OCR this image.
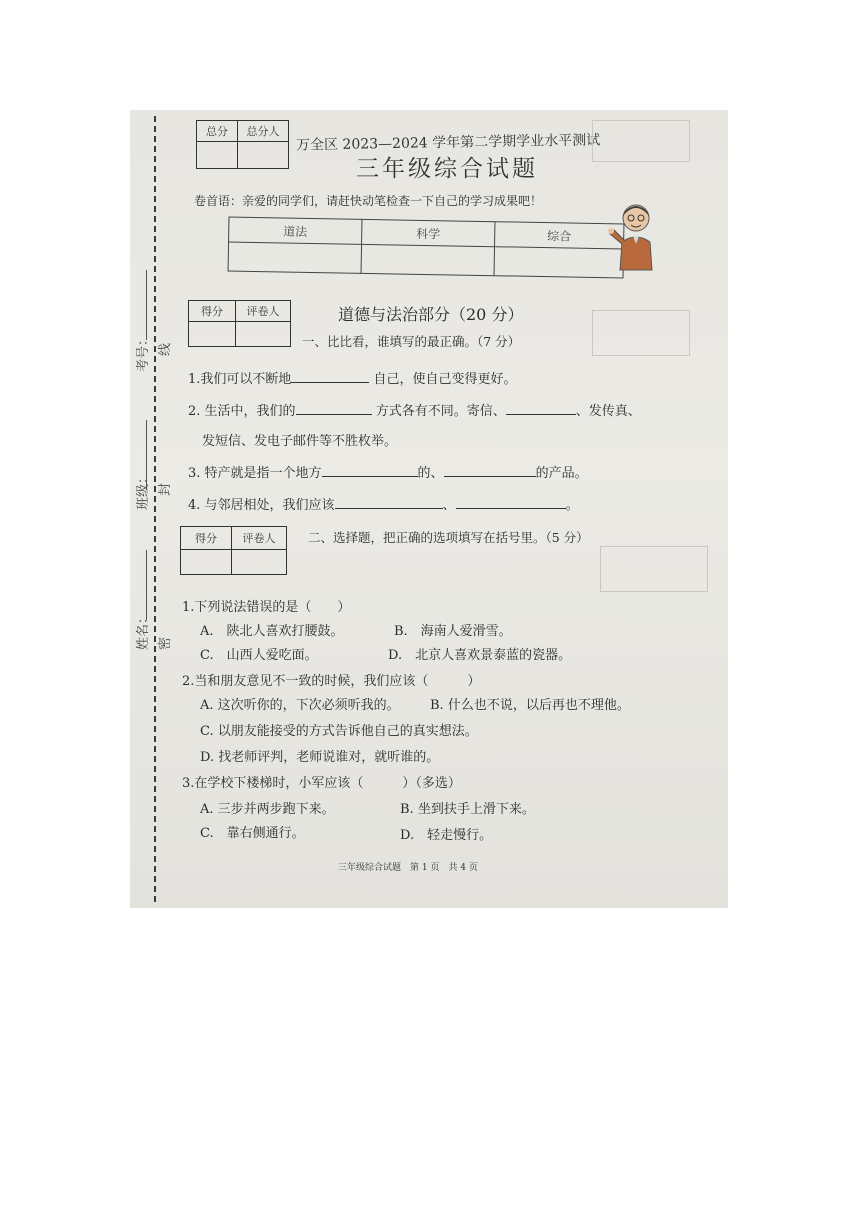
考号： 线
班级： 封
姓名： 密
总分	总分人

万全区 2023—2024 学年第二学期学业水平测试
三年级综合试题
卷首语：亲爱的同学们，请赶快动笔检查一下自己的学习成果吧！
道法	科学	综合

得分	评卷人
		道德与法治部分（20 分）
一、比比看，谁填写的最正确。（7 分）
1.我们可以不断地	自己，使自己变得更好。
2. 生活中，我们的	方式各有不同。寄信、	、发传真、
发短信、发电子邮件等不胜枚举。
3. 特产就是指一个地方	的、	的产品。
4. 与邻居相处，我们应该	、	。
得分	评卷人
		二、选择题，把正确的选项填写在括号里。（5 分）
1.下列说法错误的是（　　）
A.　陕北人喜欢打腰鼓。	B.　海南人爱滑雪。
C.　山西人爱吃面。	D.　北京人喜欢景泰蓝的瓷器。
2.当和朋友意见不一致的时候，我们应该（　　　）
A. 这次听你的，下次必须听我的。 B. 什么也不说，以后再也不理他。
C. 以朋友能接受的方式告诉他自己的真实想法。
D. 找老师评判，老师说谁对，就听谁的。
3.在学校下楼梯时，小军应该（　　　）（多选）
A. 三步并两步跑下来。	B. 坐到扶手上滑下来。
C.　靠右侧通行。	D.　轻走慢行。
三年级综合试题　第 1 页　共 4 页
